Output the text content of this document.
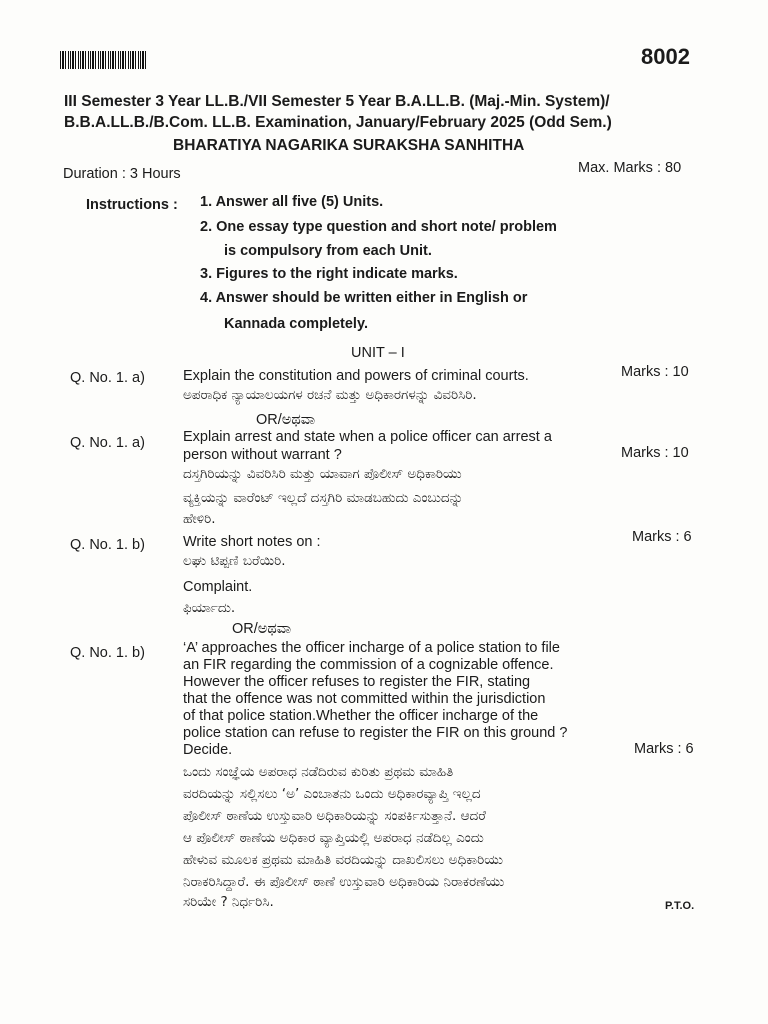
8002
III Semester 3 Year LL.B./VII Semester 5 Year B.A.LL.B. (Maj.-Min. System)/
B.B.A.LL.B./B.Com. LL.B. Examination, January/February 2025 (Odd Sem.)
BHARATIYA NAGARIKA SURAKSHA SANHITHA
Duration : 3 Hours	Max. Marks : 80
Instructions : 1. Answer all five (5) Units.
2. One essay type question and short note/ problem
is compulsory from each Unit.
3. Figures to the right indicate marks.
4. Answer should be written either in English or
Kannada completely.
UNIT – I
Q. No. 1. a)	Explain the constitution and powers of criminal courts.
ಅಪರಾಧಿಕ ನ್ಯಾಯಾಲಯಗಳ ರಚನೆ ಮತ್ತು ಅಧಿಕಾರಗಳನ್ನು ವಿವರಿಸಿರಿ.
Marks : 10
OR/ಅಥವಾ
Q. No. 1. a)	Explain arrest and state when a police officer can arrest a
person without warrant ?
ದಸ್ತಗಿರಿಯನ್ನು ವಿವರಿಸಿರಿ ಮತ್ತು ಯಾವಾಗ ಪೊಲೀಸ್ ಅಧಿಕಾರಿಯು
ವ್ಯಕ್ತಿಯನ್ನು ವಾರೆಂಟ್ ಇಲ್ಲದೆ ದಸ್ತಗಿರಿ ಮಾಡಬಹುದು ಎಂಬುದನ್ನು
ಹೇಳಿರಿ.
Marks : 10
Q. No. 1. b)	Write short notes on :
ಲಘು ಟಿಪ್ಪಣಿ ಬರೆಯಿರಿ.
Complaint.
ಫಿರ್ಯಾದು.
Marks : 6
OR/ಅಥವಾ
Q. No. 1. b)	‘A’ approaches the officer incharge of a police station to file
an FIR regarding the commission of a cognizable offence.
However the officer refuses to register the FIR, stating
that the offence was not committed within the jurisdiction
of that police station.Whether the officer incharge of the
police station can refuse to register the FIR on this ground ?
Decide.	Marks : 6
ಒಂದು ಸಂಜ್ಞೆಯ ಅಪರಾಧ ನಡೆದಿರುವ ಕುರಿತು ಪ್ರಥಮ ಮಾಹಿತಿ
ವರದಿಯನ್ನು ಸಲ್ಲಿಸಲು ‘ಅ’ ಎಂಬಾತನು ಒಂದು ಅಧಿಕಾರವ್ಯಾಪ್ತಿ ಇಲ್ಲದ
ಪೊಲೀಸ್ ಠಾಣೆಯ ಉಸ್ತುವಾರಿ ಅಧಿಕಾರಿಯನ್ನು ಸಂಪರ್ಕಿಸುತ್ತಾನೆ. ಆದರೆ
ಆ ಪೊಲೀಸ್ ಠಾಣೆಯ ಅಧಿಕಾರ ವ್ಯಾಪ್ತಿಯಲ್ಲಿ ಅಪರಾಧ ನಡೆದಿಲ್ಲ ಎಂದು
ಹೇಳುವ ಮೂಲಕ ಪ್ರಥಮ ಮಾಹಿತಿ ವರದಿಯನ್ನು ದಾಖಲಿಸಲು ಅಧಿಕಾರಿಯು
ನಿರಾಕರಿಸಿದ್ದಾರೆ. ಈ ಪೊಲೀಸ್ ಠಾಣೆ ಉಸ್ತುವಾರಿ ಅಧಿಕಾರಿಯ ನಿರಾಕರಣೆಯು
ಸರಿಯೇ ? ನಿರ್ಧರಿಸಿ.	P.T.O.
